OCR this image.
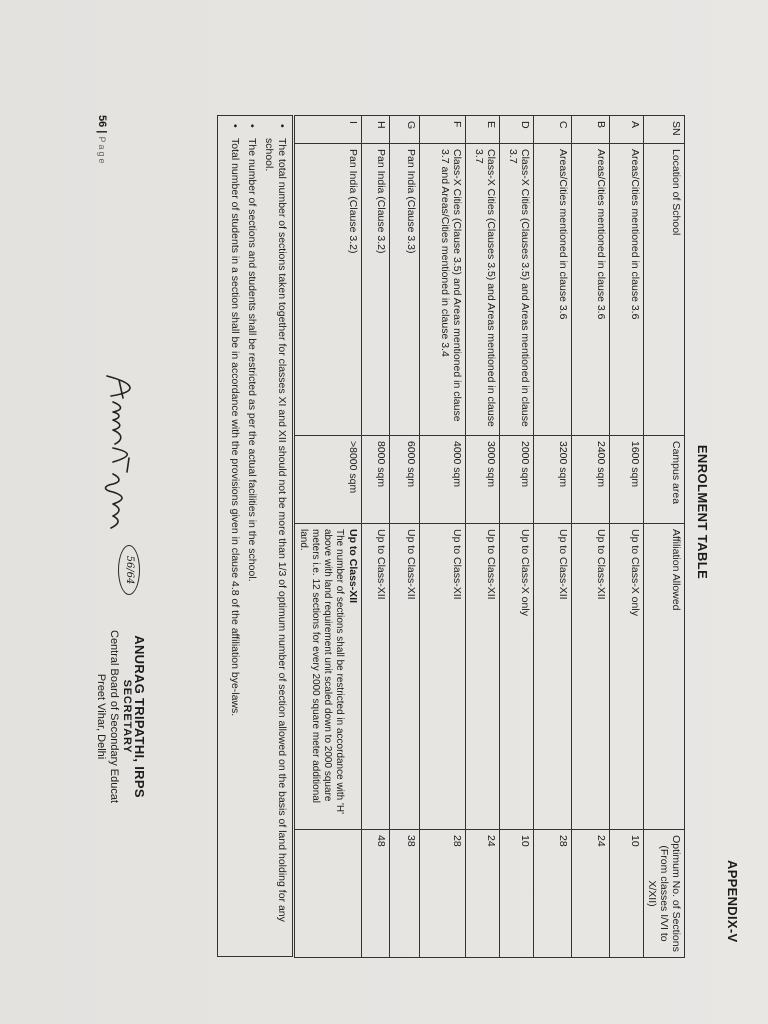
APPENDIX-V
ENROLMENT TABLE
SN	Location of School	Campus area	Affiliation Allowed	Optimum No. of Sections (From classes I/VI to X/XII)
A	Areas/Cities mentioned in clause 3.6	1600 sqm	Up to Class-X only	10
B	Areas/Cities mentioned in clause 3.6	2400 sqm	Up to Class-XII	24
C	Areas/Cities mentioned in clause 3.6	3200 sqm	Up to Class-XII	28
D	Class-X Cities (Clauses 3.5) and Areas mentioned in clause 3.7	2000 sqm	Up to Class-X only	10
E	Class-X Cities (Clauses 3.5) and Areas mentioned in clause 3.7	3000 sqm	Up to Class-XII	24
F	Class-X Cities (Clause 3.5) and Areas mentioned in clause 3.7 and Areas/Cities mentioned in clause 3.4	4000 sqm	Up to Class-XII	28
G	Pan India (Clause 3.3)	6000 sqm	Up to Class-XII	38
H	Pan India (Clause 3.2)	8000 sqm	Up to Class-XII	48
I	Pan India (Clause 3.2)	>8000 sqm	Up to Class-XII
The number of sections shall be restricted in accordance with 'H' above with land requirement unit scaled down to 2000 square meters i.e. 12 sections for every 2000 square meter additional land.	

• The total number of sections taken together for classes XI and XII should not be more than 1/3 of optimum number of section allowed on the basis of land holding for any school.
• The number of sections and students shall be restricted as per the actual facilities in the school.
• Total number of students in a section shall be in accordance with the provisions given in clause 4.8 of the affiliation bye-laws.
56 | Page
56/64
ANURAG TRIPATHI, IRPS
SECRETARY
Central Board of Secondary Educat
Preet Vihar, Delhi
